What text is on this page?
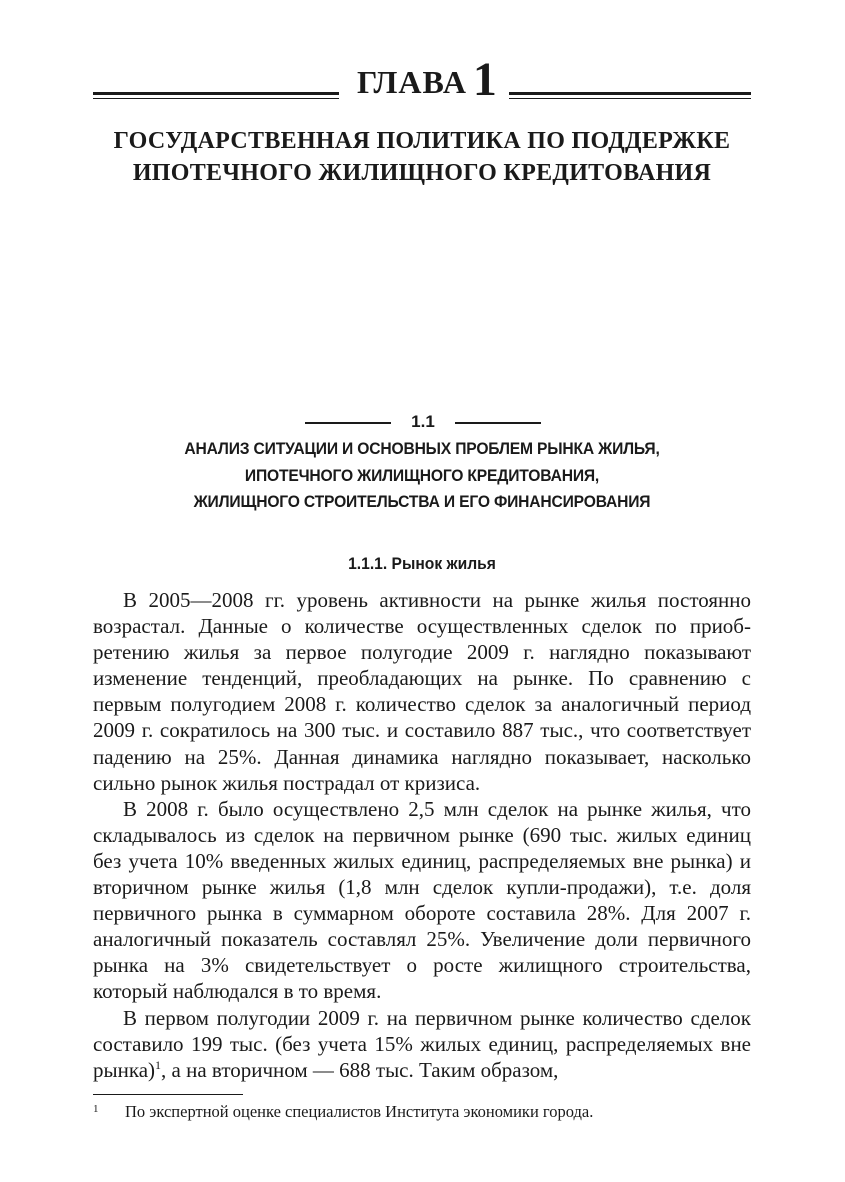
ГЛАВА 1
ГОСУДАРСТВЕННАЯ ПОЛИТИКА ПО ПОДДЕРЖКЕ
ИПОТЕЧНОГО ЖИЛИЩНОГО КРЕДИТОВАНИЯ
1.1
АНАЛИЗ СИТУАЦИИ И ОСНОВНЫХ ПРОБЛЕМ РЫНКА ЖИЛЬЯ,
ИПОТЕЧНОГО ЖИЛИЩНОГО КРЕДИТОВАНИЯ,
ЖИЛИЩНОГО СТРОИТЕЛЬСТВА И ЕГО ФИНАНСИРОВАНИЯ
1.1.1. Рынок жилья

В 2005—2008 гг. уровень активности на рынке жилья постоянно возрастал. Данные о количестве осуществленных сделок по приобретению жилья за первое полугодие 2009 г. наглядно показывают изменение тенденций, преобладающих на рынке. По сравнению с первым полугодием 2008 г. количество сделок за аналогичный период 2009 г. сократилось на 300 тыс. и составило 887 тыс., что соответствует падению на 25%. Данная динамика наглядно показывает, насколько сильно рынок жилья пострадал от кризиса.

В 2008 г. было осуществлено 2,5 млн сделок на рынке жилья, что складывалось из сделок на первичном рынке (690 тыс. жилых единиц без учета 10% введенных жилых единиц, распределяемых вне рынка) и вторичном рынке жилья (1,8 млн сделок купли-продажи), т.е. доля первичного рынка в суммарном обороте составила 28%. Для 2007 г. аналогичный показатель составлял 25%. Увеличение доли первичного рынка на 3% свидетельствует о росте жилищного строительства, который наблюдался в то время.

В первом полугодии 2009 г. на первичном рынке количество сделок составило 199 тыс. (без учета 15% жилых единиц, распределяемых вне рынка)$^1$, а на вторичном — 688 тыс. Таким образом,

1 По экспертной оценке специалистов Института экономики города.
